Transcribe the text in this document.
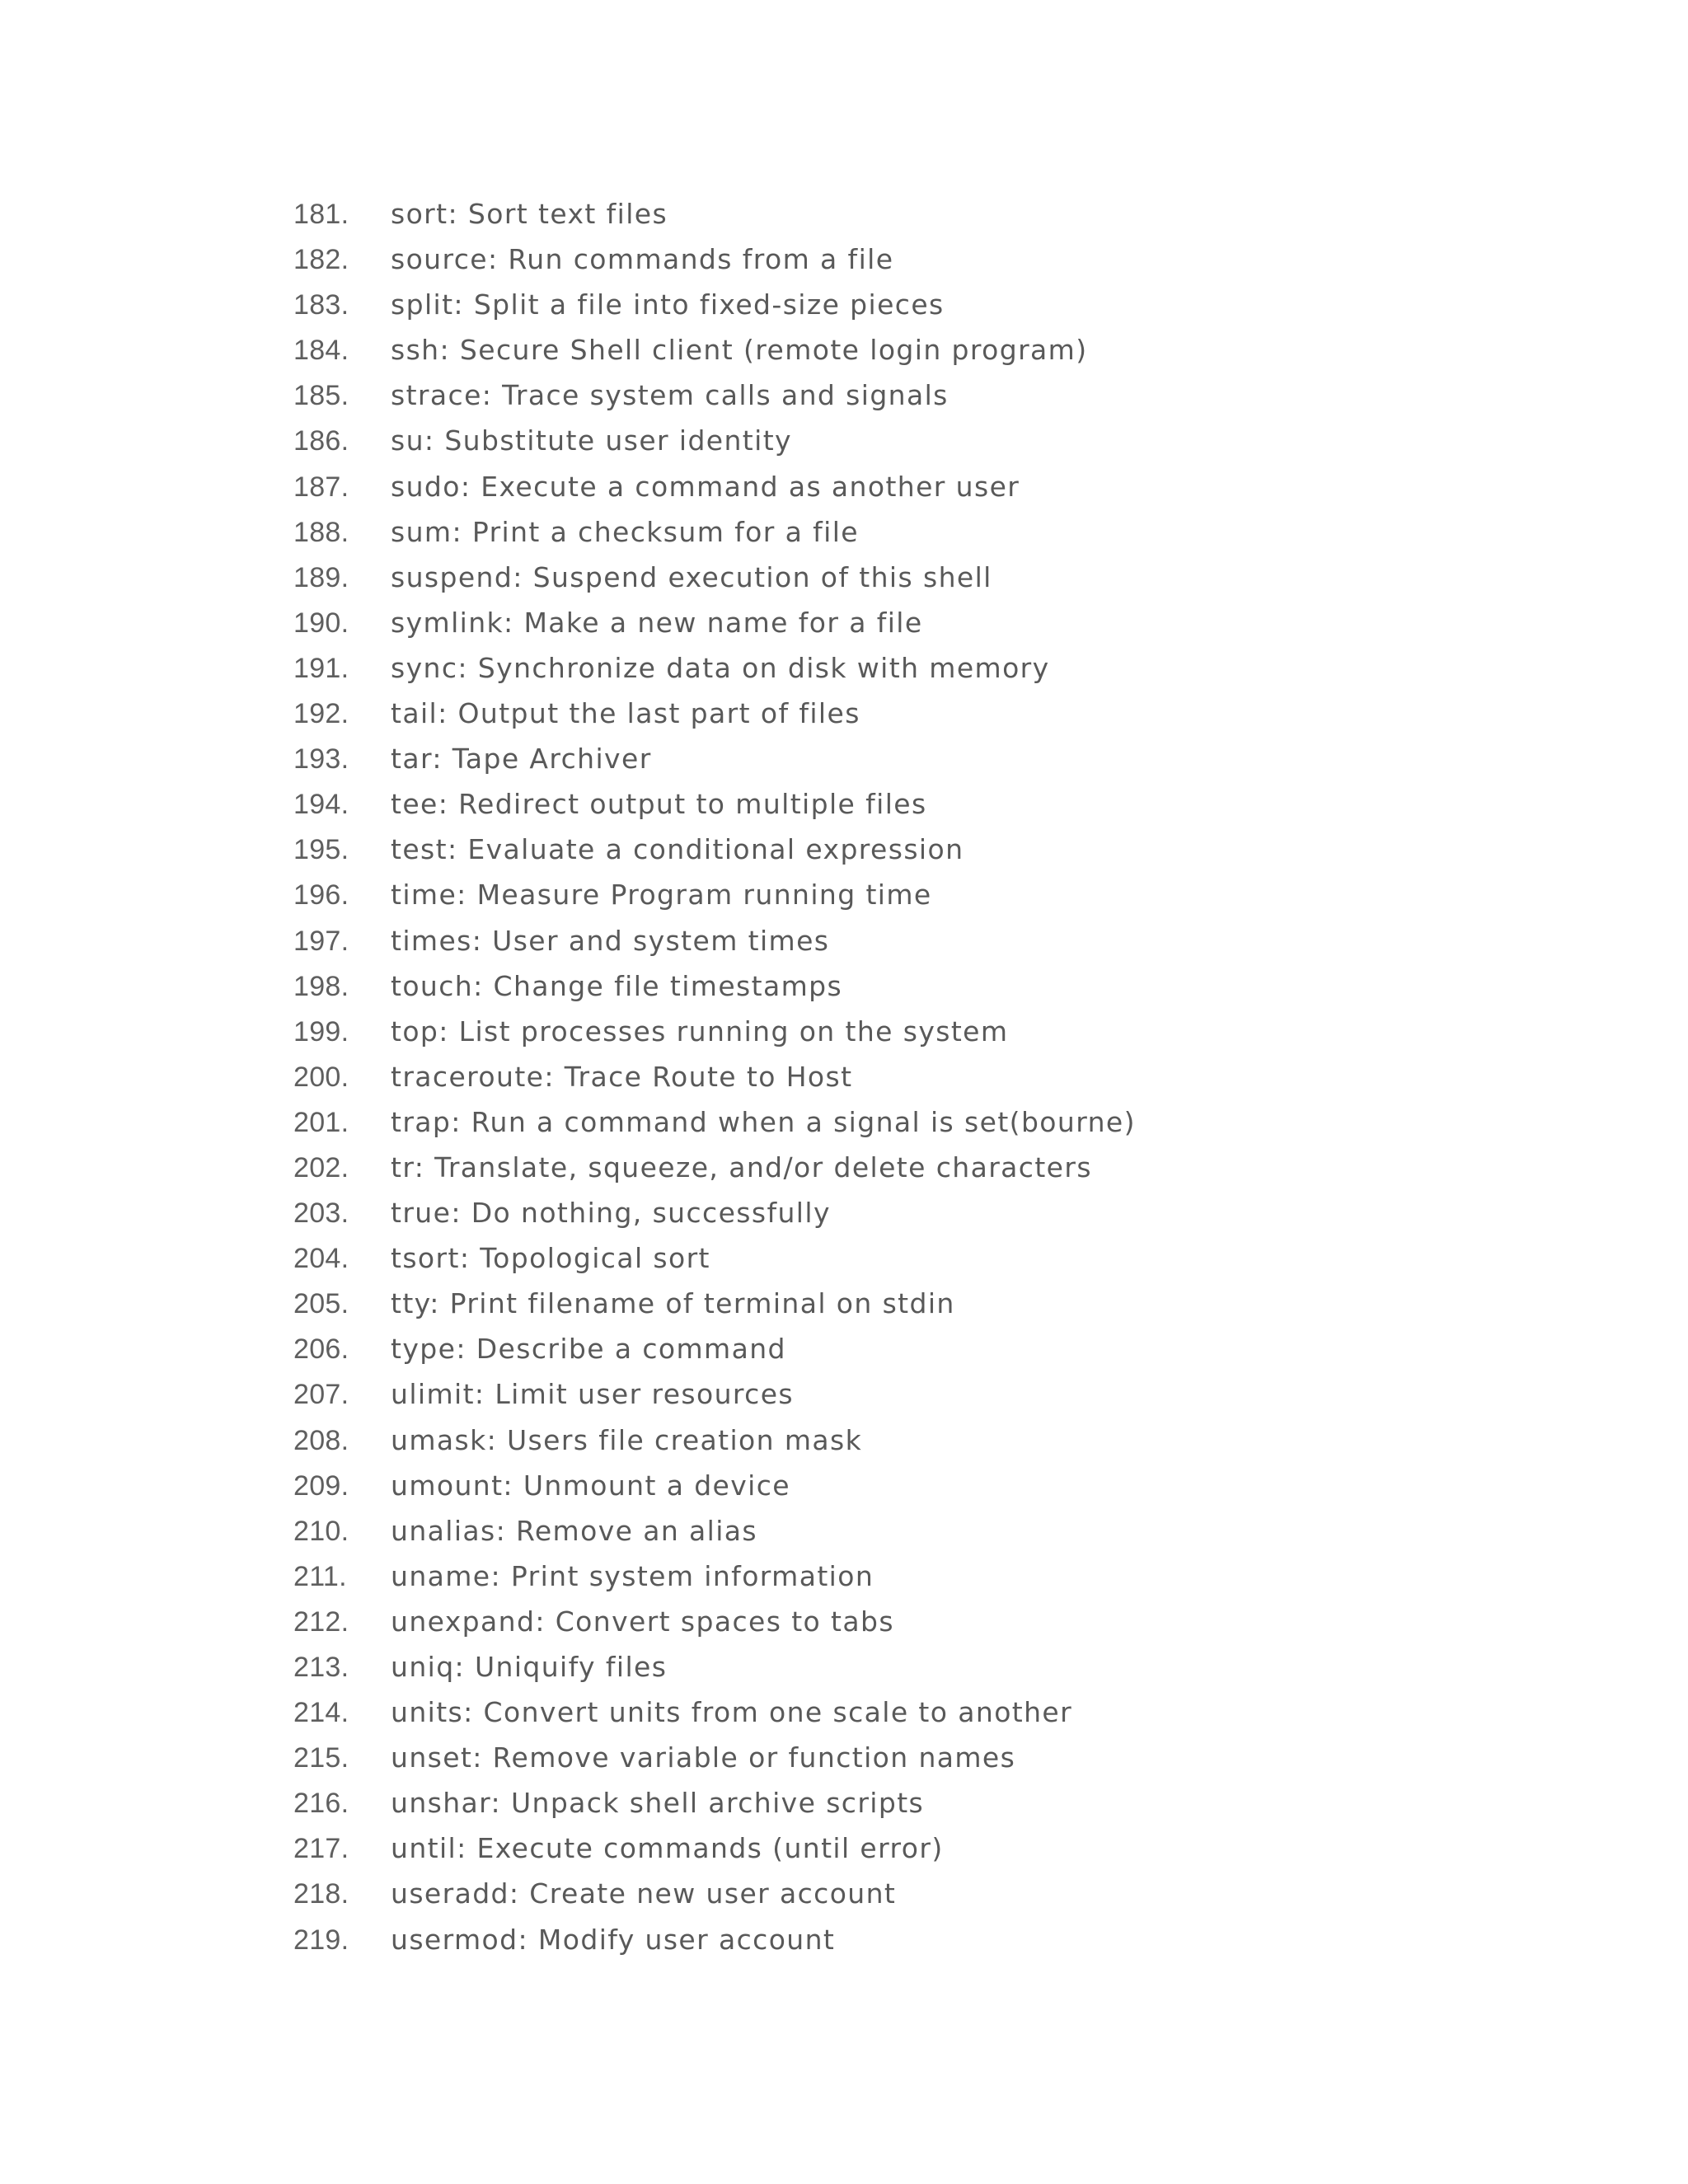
181.	sort: Sort text files
182.	source: Run commands from a file
183.	split: Split a file into fixed-size pieces
184.	ssh: Secure Shell client (remote login program)
185.	strace: Trace system calls and signals
186.	su: Substitute user identity
187.	sudo: Execute a command as another user
188.	sum: Print a checksum for a file
189.	suspend: Suspend execution of this shell
190.	symlink: Make a new name for a file
191.	sync: Synchronize data on disk with memory
192.	tail: Output the last part of files
193.	tar: Tape Archiver
194.	tee: Redirect output to multiple files
195.	test: Evaluate a conditional expression
196.	time: Measure Program running time
197.	times: User and system times
198.	touch: Change file timestamps
199.	top: List processes running on the system
200.	traceroute: Trace Route to Host
201.	trap: Run a command when a signal is set(bourne)
202.	tr: Translate, squeeze, and/or delete characters
203.	true: Do nothing, successfully
204.	tsort: Topological sort
205.	tty: Print filename of terminal on stdin
206.	type: Describe a command
207.	ulimit: Limit user resources
208.	umask: Users file creation mask
209.	umount: Unmount a device
210.	unalias: Remove an alias
211.	uname: Print system information
212.	unexpand: Convert spaces to tabs
213.	uniq: Uniquify files
214.	units: Convert units from one scale to another
215.	unset: Remove variable or function names
216.	unshar: Unpack shell archive scripts
217.	until: Execute commands (until error)
218.	useradd: Create new user account
219.	usermod: Modify user account
